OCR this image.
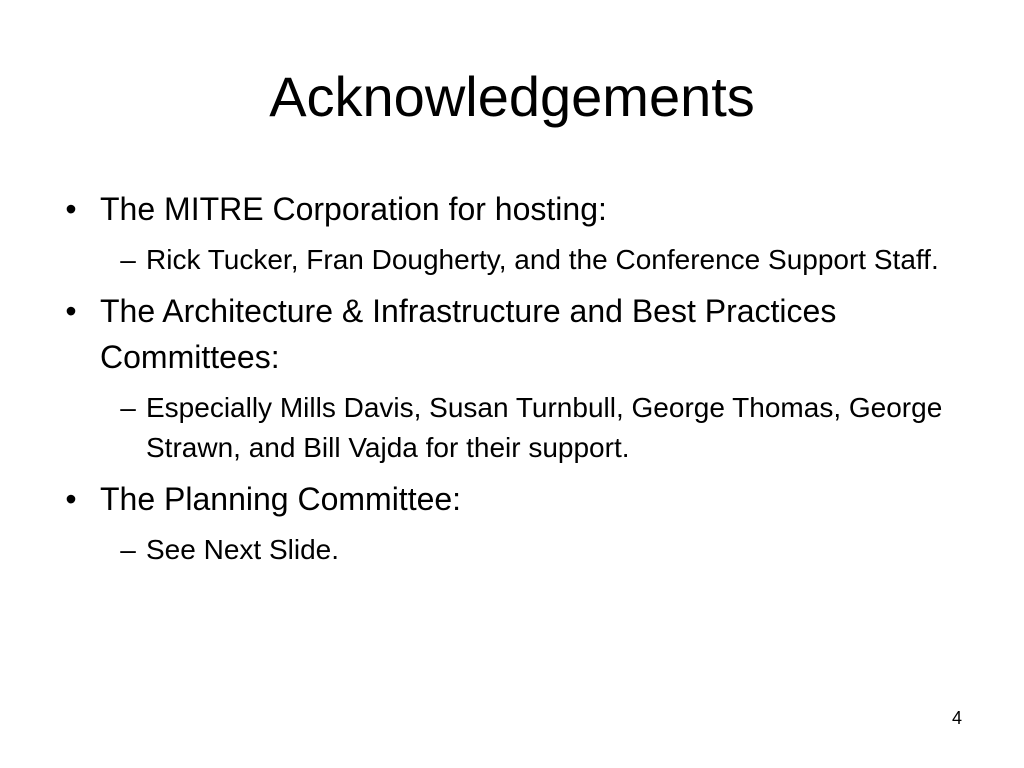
Acknowledgements
• The MITRE Corporation for hosting:
– Rick Tucker, Fran Dougherty, and the Conference Support Staff.
• The Architecture & Infrastructure and Best Practices Committees:
– Especially Mills Davis, Susan Turnbull, George Thomas, George Strawn, and Bill Vajda for their support.
• The Planning Committee:
– See Next Slide.
4
